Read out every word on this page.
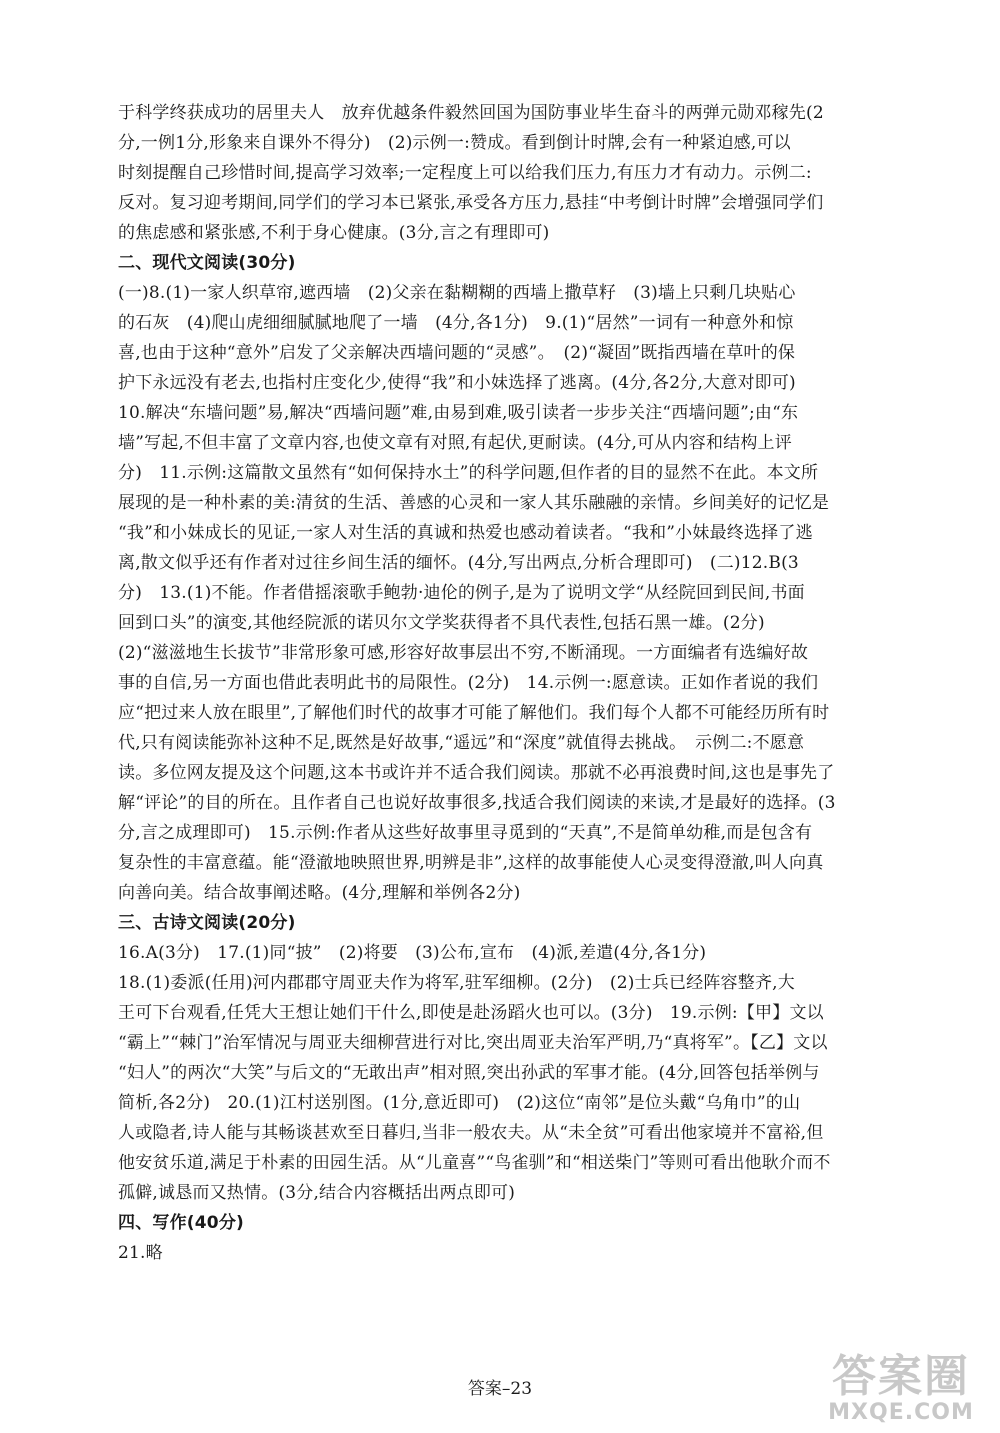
于科学终获成功的居里夫人　放弃优越条件毅然回国为国防事业毕生奋斗的两弹元勋邓稼先(2
分,一例1分,形象来自课外不得分)　(2)示例一:赞成。看到倒计时牌,会有一种紧迫感,可以
时刻提醒自己珍惜时间,提高学习效率;一定程度上可以给我们压力,有压力才有动力。示例二:
反对。复习迎考期间,同学们的学习本已紧张,承受各方压力,悬挂“中考倒计时牌”会增强同学们
的焦虑感和紧张感,不利于身心健康。(3分,言之有理即可)
二、现代文阅读(30分)
(一)8.(1)一家人织草帘,遮西墙　(2)父亲在黏糊糊的西墙上撒草籽　(3)墙上只剩几块贴心
的石灰　(4)爬山虎细细腻腻地爬了一墙　(4分,各1分)　9.(1)“居然”一词有一种意外和惊
喜,也由于这种“意外”启发了父亲解决西墙问题的“灵感”。　(2)“凝固”既指西墙在草叶的保
护下永远没有老去,也指村庄变化少,使得“我”和小妹选择了逃离。(4分,各2分,大意对即可)
10.解决“东墙问题”易,解决“西墙问题”难,由易到难,吸引读者一步步关注“西墙问题”;由“东
墙”写起,不但丰富了文章内容,也使文章有对照,有起伏,更耐读。(4分,可从内容和结构上评
分)　11.示例:这篇散文虽然有“如何保持水土”的科学问题,但作者的目的显然不在此。本文所
展现的是一种朴素的美:清贫的生活、善感的心灵和一家人其乐融融的亲情。乡间美好的记忆是
“我”和小妹成长的见证,一家人对生活的真诚和热爱也感动着读者。“我和”小妹最终选择了逃
离,散文似乎还有作者对过往乡间生活的缅怀。(4分,写出两点,分析合理即可)　(二)12.B(3
分)　13.(1)不能。作者借摇滚歌手鲍勃·迪伦的例子,是为了说明文学“从经院回到民间,书面
回到口头”的演变,其他经院派的诺贝尔文学奖获得者不具代表性,包括石黑一雄。(2分)
(2)“滋滋地生长拔节”非常形象可感,形容好故事层出不穷,不断涌现。一方面编者有选编好故
事的自信,另一方面也借此表明此书的局限性。(2分)　14.示例一:愿意读。正如作者说的我们
应“把过来人放在眼里”,了解他们时代的故事才可能了解他们。我们每个人都不可能经历所有时
代,只有阅读能弥补这种不足,既然是好故事,“遥远”和“深度”就值得去挑战。　示例二:不愿意
读。多位网友提及这个问题,这本书或许并不适合我们阅读。那就不必再浪费时间,这也是事先了
解“评论”的目的所在。且作者自己也说好故事很多,找适合我们阅读的来读,才是最好的选择。(3
分,言之成理即可)　15.示例:作者从这些好故事里寻觅到的“天真”,不是简单幼稚,而是包含有
复杂性的丰富意蕴。能“澄澈地映照世界,明辨是非”,这样的故事能使人心灵变得澄澈,叫人向真
向善向美。结合故事阐述略。(4分,理解和举例各2分)
三、古诗文阅读(20分)
16.A(3分)　17.(1)同“披”　(2)将要　(3)公布,宣布　(4)派,差遣(4分,各1分)
18.(1)委派(任用)河内郡郡守周亚夫作为将军,驻军细柳。(2分)　(2)士兵已经阵容整齐,大
王可下台观看,任凭大王想让她们干什么,即使是赴汤蹈火也可以。(3分)　19.示例:【甲】文以
“霸上”“棘门”治军情况与周亚夫细柳营进行对比,突出周亚夫治军严明,乃“真将军”。【乙】文以
“妇人”的两次“大笑”与后文的“无敢出声”相对照,突出孙武的军事才能。(4分,回答包括举例与
简析,各2分)　20.(1)江村送别图。(1分,意近即可)　(2)这位“南邻”是位头戴“乌角巾”的山
人或隐者,诗人能与其畅谈甚欢至日暮归,当非一般农夫。从“未全贫”可看出他家境并不富裕,但
他安贫乐道,满足于朴素的田园生活。从“儿童喜”“鸟雀驯”和“相送柴门”等则可看出他耿介而不
孤僻,诚恳而又热情。(3分,结合内容概括出两点即可)
四、写作(40分)
21.略
答案–23	答案圈
MXQE.COM
